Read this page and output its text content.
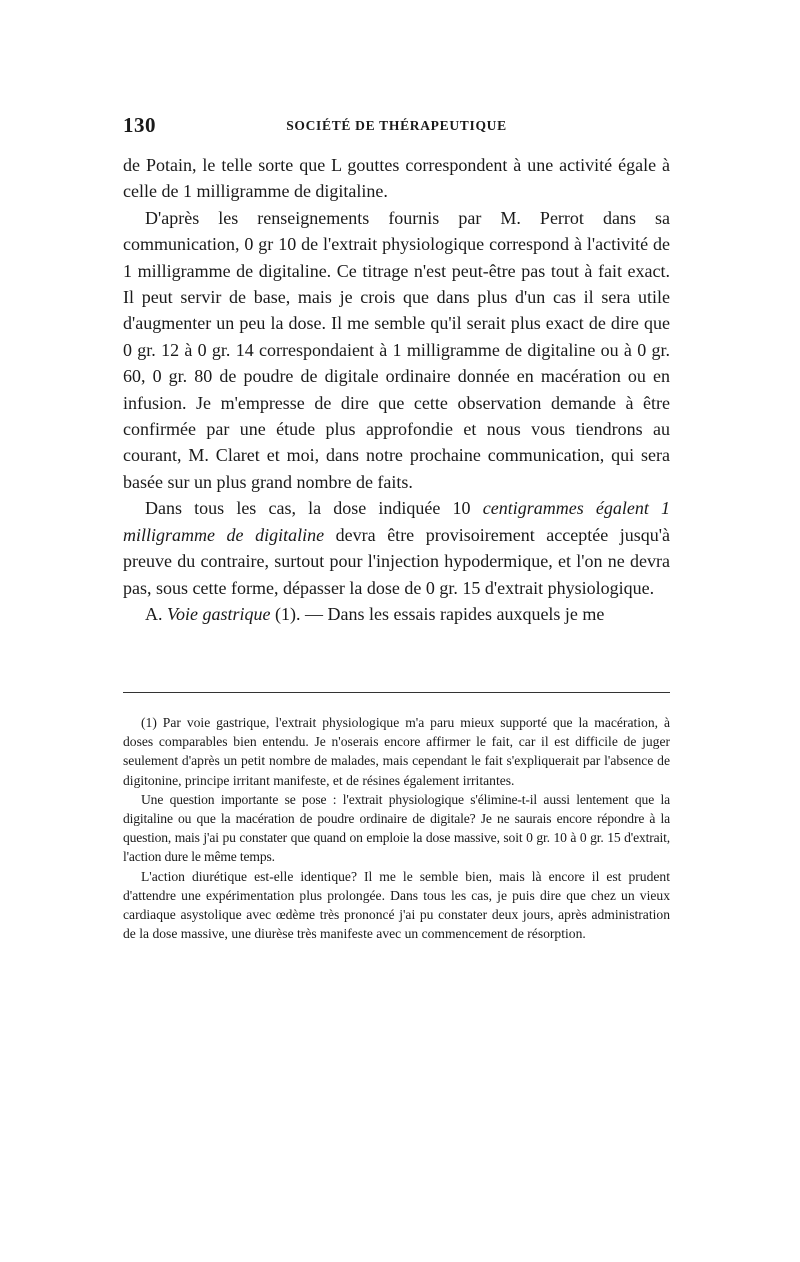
130	SOCIÉTÉ DE THÉRAPEUTIQUE

de Potain, le telle sorte que L gouttes correspondent à une activité égale à celle de 1 milligramme de digitaline.

D'après les renseignements fournis par M. Perrot dans sa communication, 0 gr 10 de l'extrait physiologique correspond à l'activité de 1 milligramme de digitaline. Ce titrage n'est peut-être pas tout à fait exact. Il peut servir de base, mais je crois que dans plus d'un cas il sera utile d'augmenter un peu la dose. Il me semble qu'il serait plus exact de dire que 0 gr. 12 à 0 gr. 14 correspondaient à 1 milligramme de digitaline ou à 0 gr. 60, 0 gr. 80 de poudre de digitale ordinaire donnée en macération ou en infusion. Je m'empresse de dire que cette observation demande à être confirmée par une étude plus approfondie et nous vous tiendrons au courant, M. Claret et moi, dans notre prochaine communication, qui sera basée sur un plus grand nombre de faits.

Dans tous les cas, la dose indiquée 10 centigrammes égalent 1 milligramme de digitaline devra être provisoirement acceptée jusqu'à preuve du contraire, surtout pour l'injection hypodermique, et l'on ne devra pas, sous cette forme, dépasser la dose de 0 gr. 15 d'extrait physiologique.

A. Voie gastrique (1). — Dans les essais rapides auxquels je me

(1) Par voie gastrique, l'extrait physiologique m'a paru mieux supporté que la macération, à doses comparables bien entendu. Je n'oserais encore affirmer le fait, car il est difficile de juger seulement d'après un petit nombre de malades, mais cependant le fait s'expliquerait par l'absence de digitonine, principe irritant manifeste, et de résines également irritantes.

Une question importante se pose : l'extrait physiologique s'élimine-t-il aussi lentement que la digitaline ou que la macération de poudre ordinaire de digitale? Je ne saurais encore répondre à la question, mais j'ai pu constater que quand on emploie la dose massive, soit 0 gr. 10 à 0 gr. 15 d'extrait, l'action dure le même temps.

L'action diurétique est-elle identique? Il me le semble bien, mais là encore il est prudent d'attendre une expérimentation plus prolongée. Dans tous les cas, je puis dire que chez un vieux cardiaque asystolique avec œdème très prononcé j'ai pu constater deux jours, après administration de la dose massive, une diurèse très manifeste avec un commencement de résorption.
